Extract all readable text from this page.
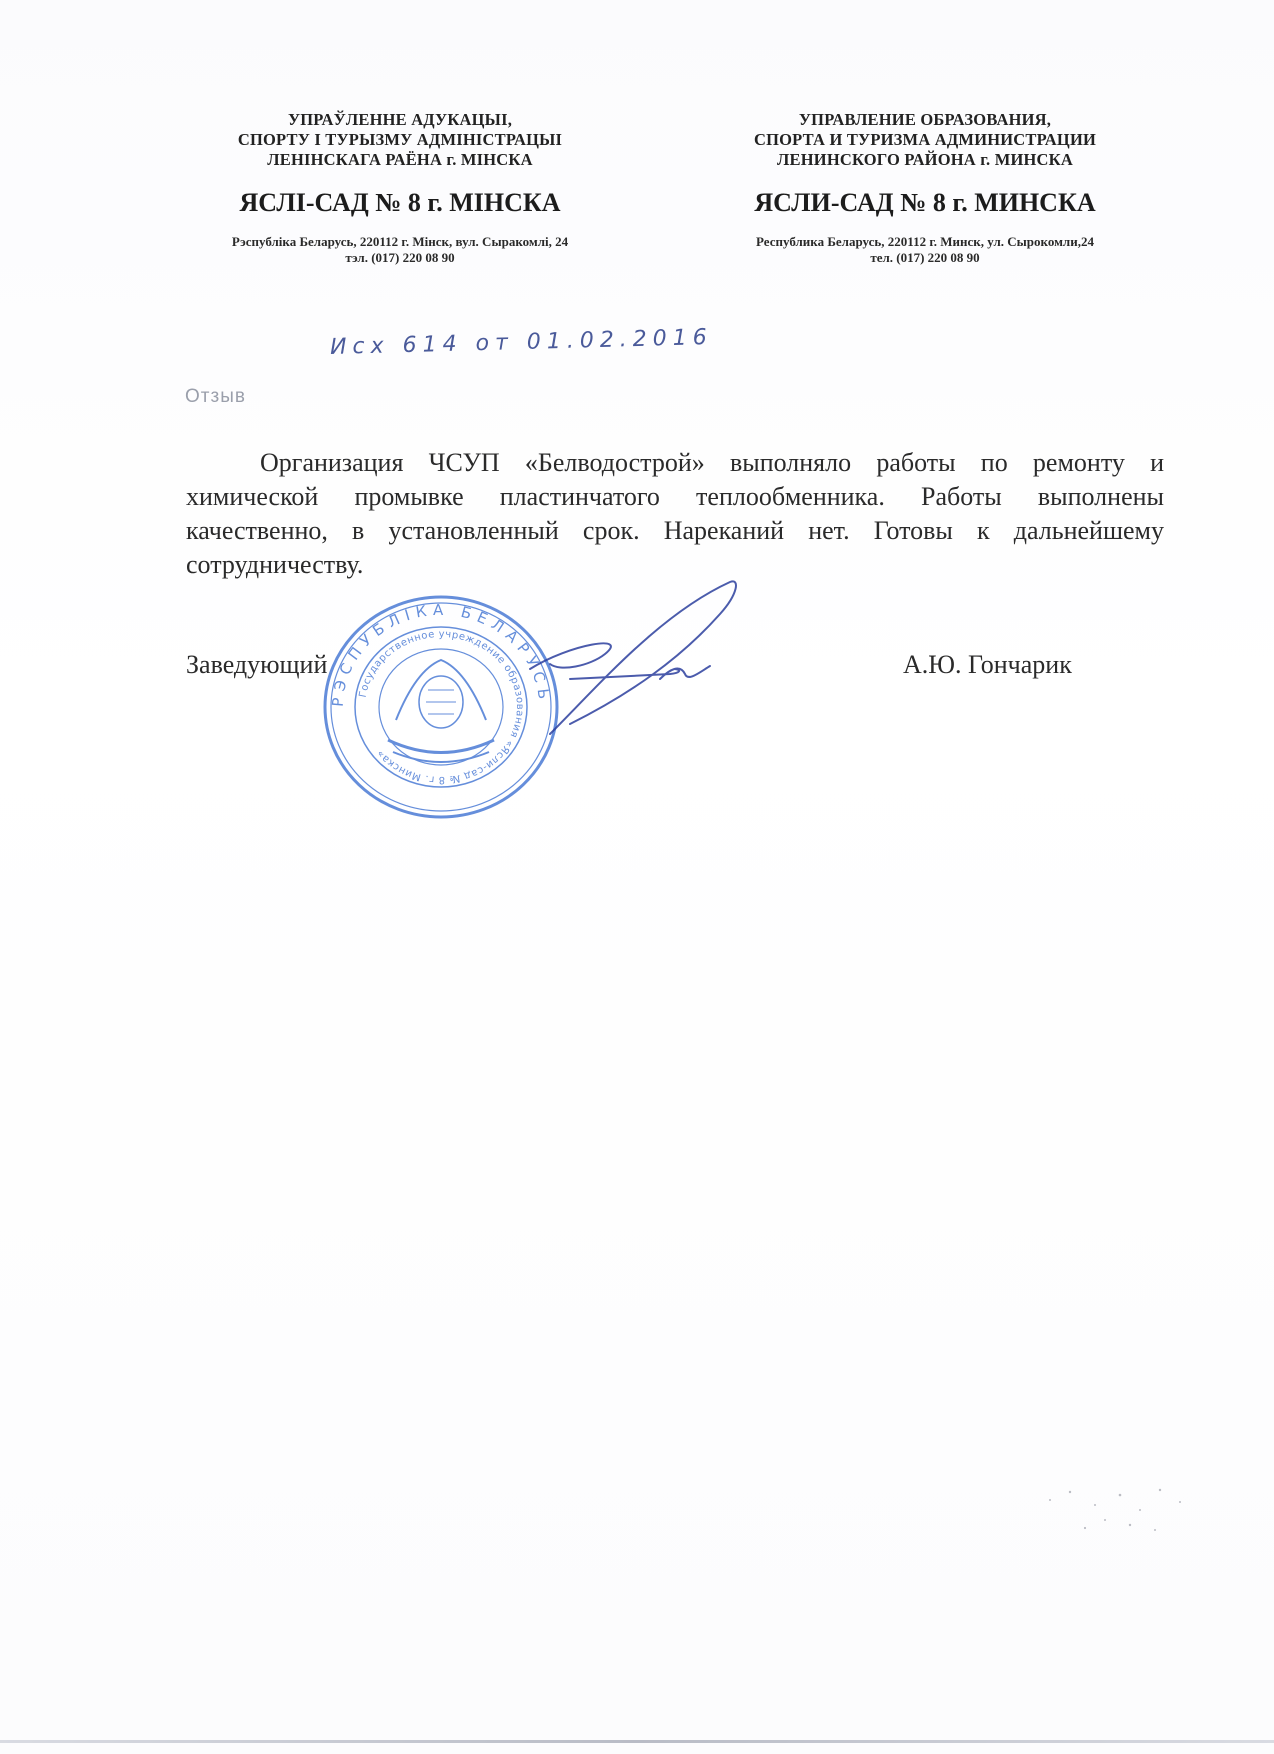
УПРАЎЛЕННЕ АДУКАЦЫІ,
СПОРТУ І ТУРЫЗМУ АДМІНІСТРАЦЫІ
ЛЕНІНСКАГА РАЁНА г. МІНСКА
ЯСЛІ-САД № 8 г. МІНСКА
Рэспубліка Беларусь, 220112 г. Мінск, вул. Сыракомлі, 24
тэл. (017) 220 08 90
УПРАВЛЕНИЕ ОБРАЗОВАНИЯ,
СПОРТА И ТУРИЗМА АДМИНИСТРАЦИИ
ЛЕНИНСКОГО РАЙОНА г. МИНСКА
ЯСЛИ-САД № 8 г. МИНСКА
Республика Беларусь, 220112 г. Минск, ул. Сырокомли,24
тел. (017) 220 08 90
Исх 614 от 01.02.2016
Отзыв
Организация ЧСУП «Белводострой» выполняло работы по ремонту и химической промывке пластинчатого теплообменника. Работы выполнены качественно, в установленный срок. Нареканий нет. Готовы к дальнейшему сотрудничеству.
РЭСПУБЛІКА БЕЛАРУСЬ
Государственное учреждение образования «Ясли-сад № 8 г. Минска»
Заведующий	А.Ю. Гончарик
